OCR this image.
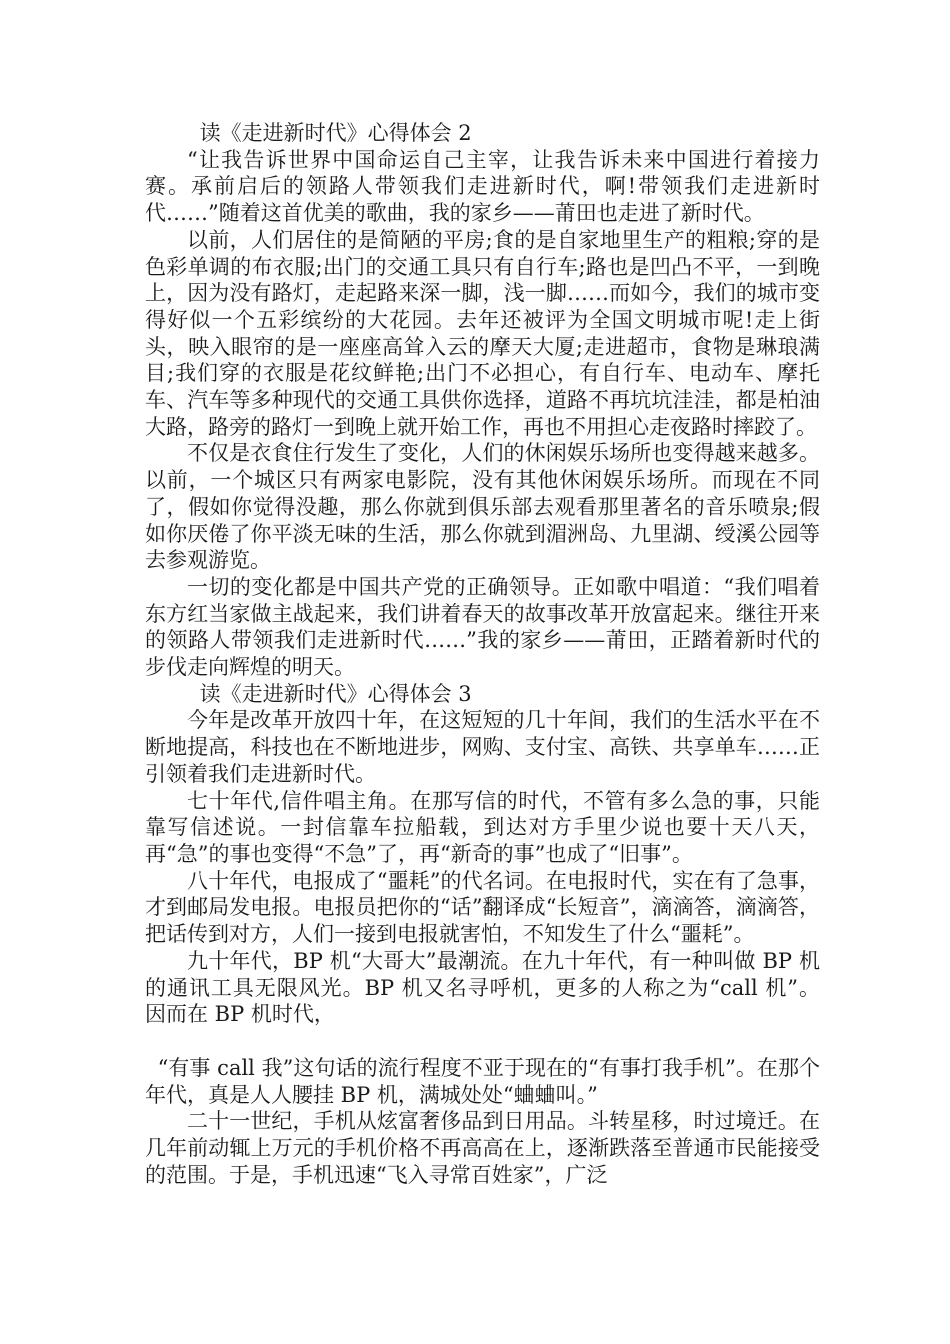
读《走进新时代》心得体会 2

“让我告诉世界中国命运自己主宰，让我告诉未来中国进行着接力赛。承前启后的领路人带领我们走进新时代，啊!带领我们走进新时代……”随着这首优美的歌曲，我的家乡——莆田也走进了新时代。

以前，人们居住的是简陋的平房;食的是自家地里生产的粗粮;穿的是色彩单调的布衣服;出门的交通工具只有自行车;路也是凹凸不平，一到晚上，因为没有路灯，走起路来深一脚，浅一脚……而如今，我们的城市变得好似一个五彩缤纷的大花园。去年还被评为全国文明城市呢!走上街头，映入眼帘的是一座座高耸入云的摩天大厦;走进超市，食物是琳琅满目;我们穿的衣服是花纹鲜艳;出门不必担心，有自行车、电动车、摩托车、汽车等多种现代的交通工具供你选择，道路不再坑坑洼洼，都是柏油大路，路旁的路灯一到晚上就开始工作，再也不用担心走夜路时摔跤了。

不仅是衣食住行发生了变化，人们的休闲娱乐场所也变得越来越多。以前，一个城区只有两家电影院，没有其他休闲娱乐场所。而现在不同了，假如你觉得没趣，那么你就到俱乐部去观看那里著名的音乐喷泉;假如你厌倦了你平淡无味的生活，那么你就到湄洲岛、九里湖、绶溪公园等去参观游览。

一切的变化都是中国共产党的正确领导。正如歌中唱道：“我们唱着东方红当家做主战起来，我们讲着春天的故事改革开放富起来。继往开来的领路人带领我们走进新时代……”我的家乡——莆田，正踏着新时代的步伐走向辉煌的明天。

读《走进新时代》心得体会 3

今年是改革开放四十年，在这短短的几十年间，我们的生活水平在不断地提高，科技也在不断地进步，网购、支付宝、高铁、共享单车……正引领着我们走进新时代。

七十年代,信件唱主角。在那写信的时代，不管有多么急的事，只能靠写信述说。一封信靠车拉船载，到达对方手里少说也要十天八天，再“急”的事也变得“不急”了，再“新奇的事”也成了“旧事”。

八十年代，电报成了“噩耗”的代名词。在电报时代，实在有了急事，才到邮局发电报。电报员把你的“话”翻译成“长短音”，滴滴答，滴滴答，把话传到对方，人们一接到电报就害怕，不知发生了什么“噩耗”。

九十年代，BP 机“大哥大”最潮流。在九十年代，有一种叫做 BP 机的通讯工具无限风光。BP 机又名寻呼机，更多的人称之为“call 机”。 因而在 BP 机时代，

“有事 call 我”这句话的流行程度不亚于现在的“有事打我手机”。在那个年代，真是人人腰挂 BP 机，满城处处“蛐蛐叫。”

二十一世纪，手机从炫富奢侈品到日用品。斗转星移，时过境迁。在几年前动辄上万元的手机价格不再高高在上，逐渐跌落至普通市民能接受的范围。于是，手机迅速“飞入寻常百姓家”，广泛
